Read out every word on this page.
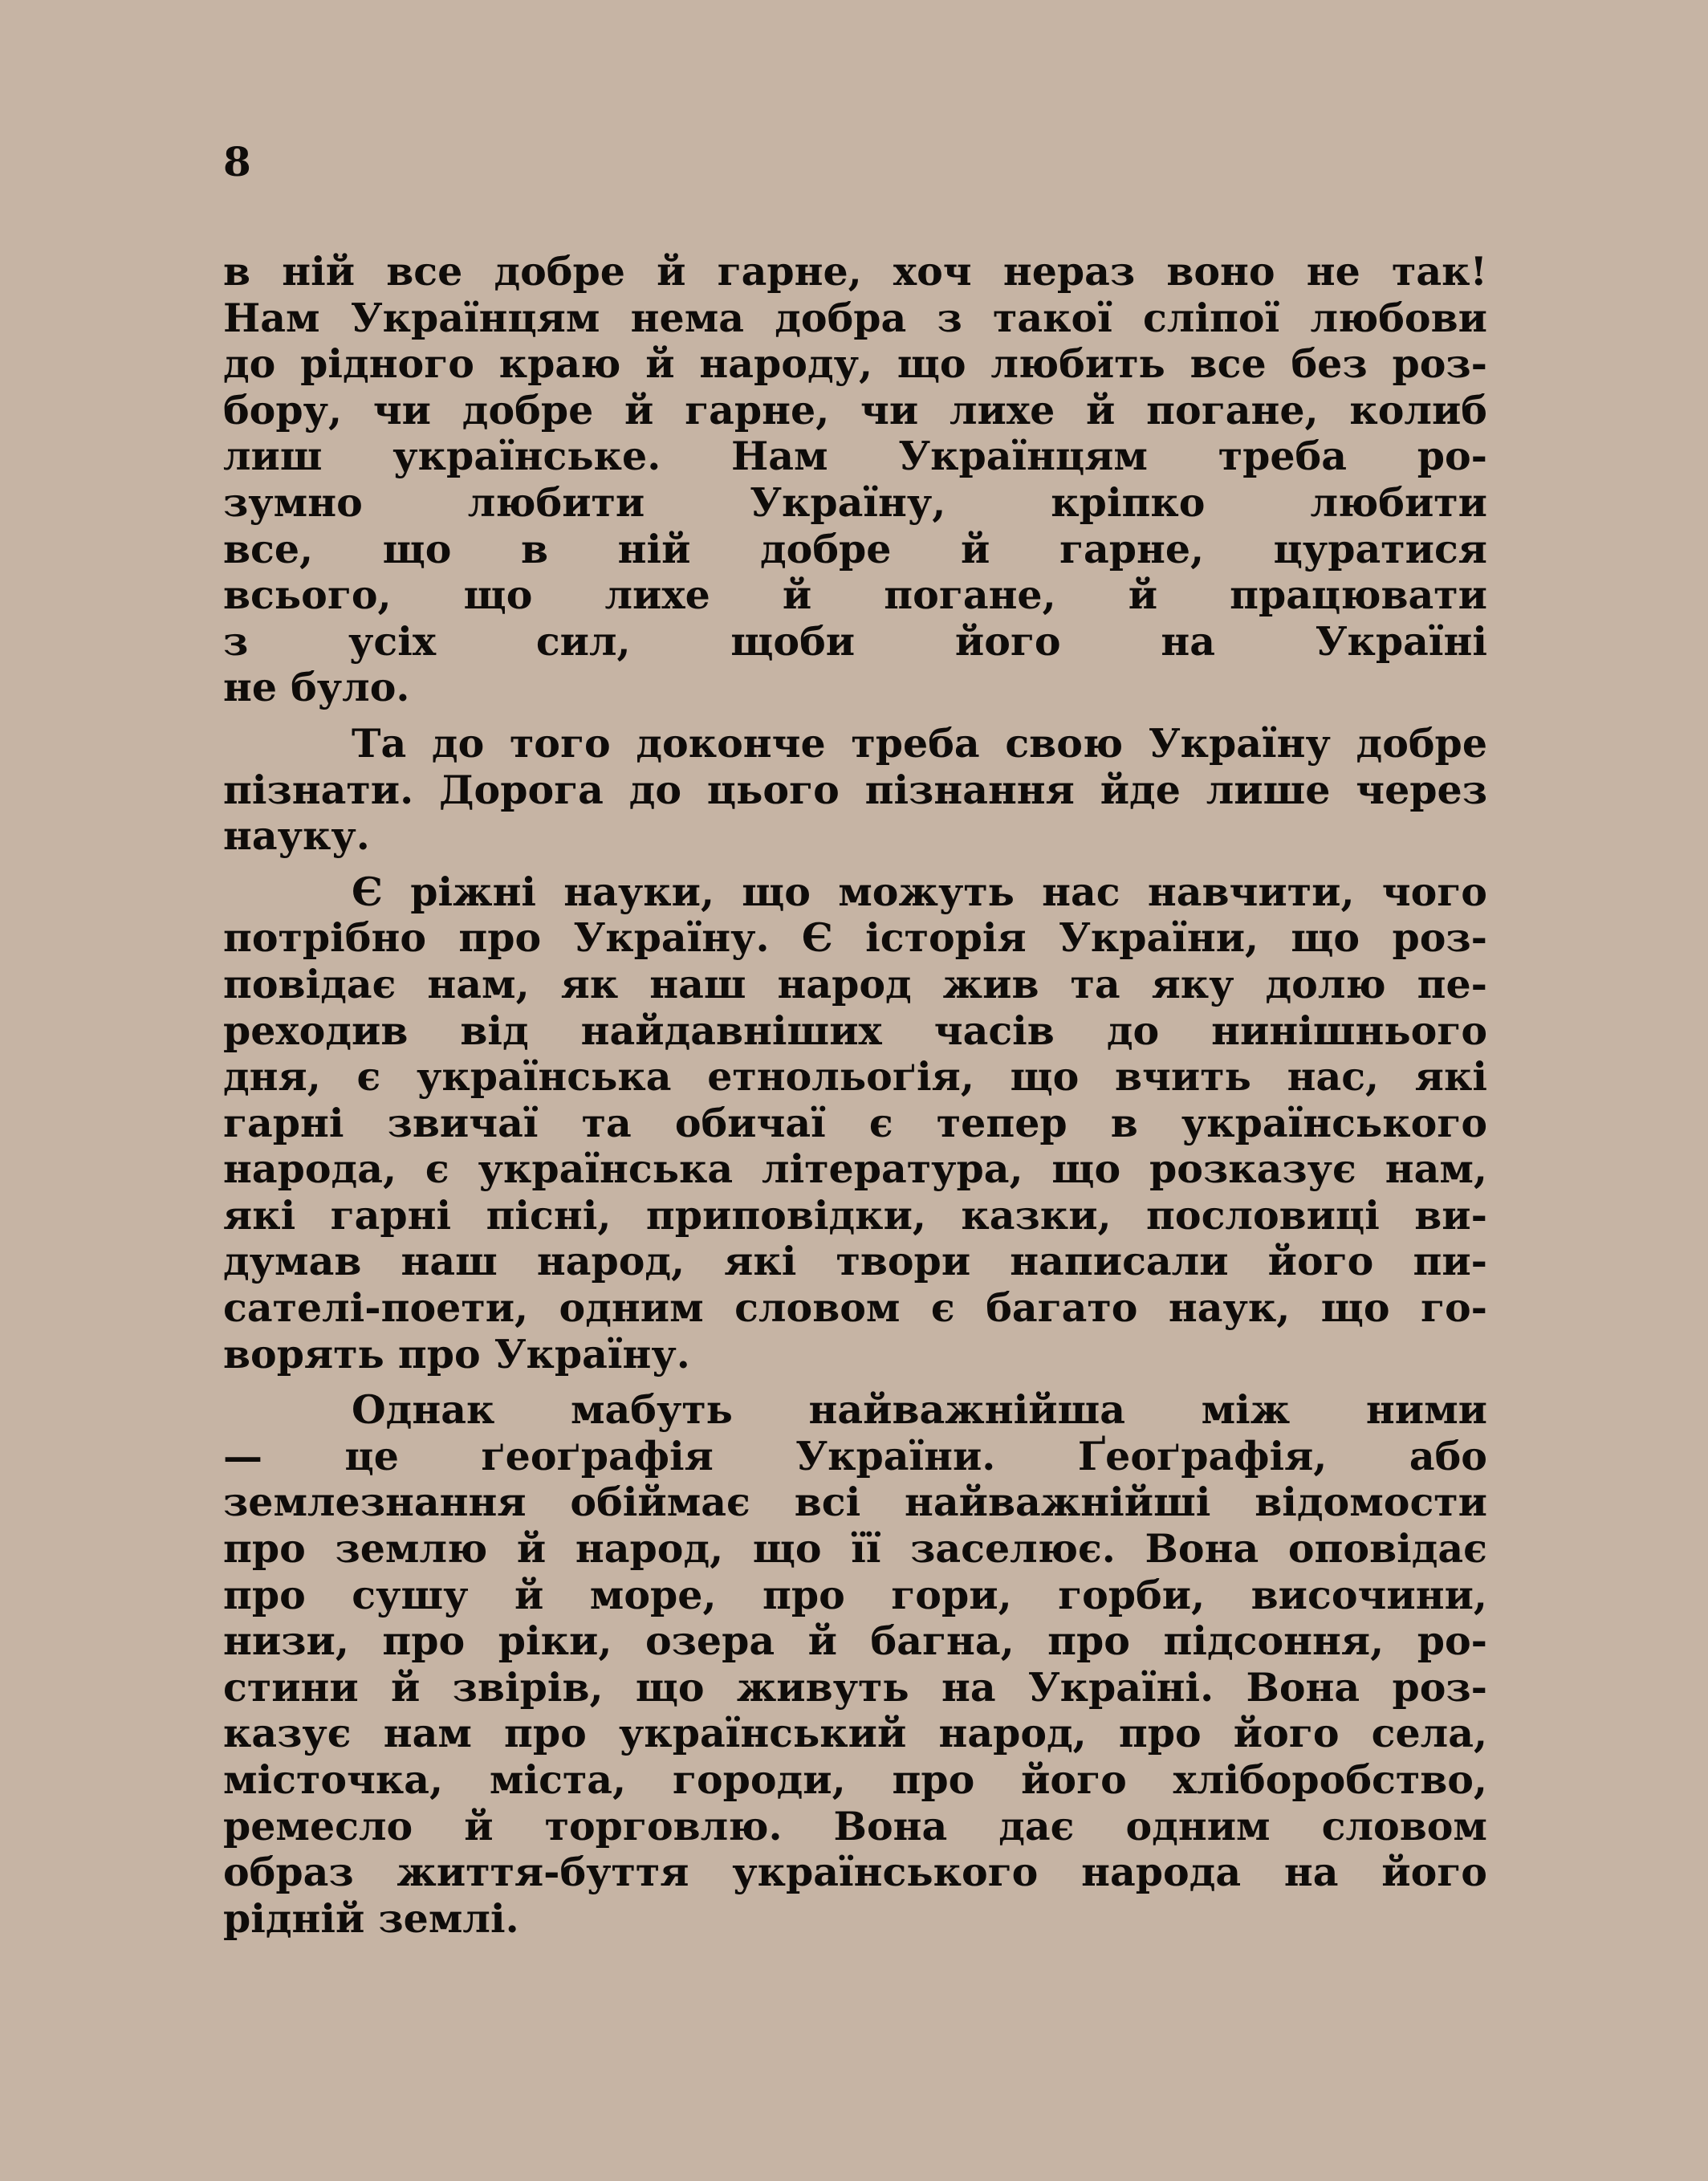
8
в ній все добре й гарне, хоч нераз воно не так!
Нам Українцям нема добра з такої сліпої любови
до рідного краю й народу, що любить все без роз-
бору, чи добре й гарне, чи лихе й погане, колиб
лиш українське. Нам Українцям треба ро-
зумно любити Україну, кріпко любити
все, що в ній добре й гарне, цуратися
всього, що лихе й погане, й працювати
з усіх сил, щоби його на Україні
не було.
Та до того доконче треба свою Україну добре
пізнати. Дорога до цього пізнання йде лише через
науку.
Є ріжні науки, що можуть нас навчити, чого
потрібно про Україну. Є історія України, що роз-
повідає нам, як наш народ жив та яку долю пе-
реходив від найдавніших часів до нинішнього
дня, є українська етнольоґія, що вчить нас, які
гарні звичаї та обичаї є тепер в українського
народа, є українська література, що розказує нам,
які гарні пісні, приповідки, казки, пословиці ви-
думав наш народ, які твори написали його пи-
сателі-поети, одним словом є багато наук, що го-
ворять про Україну.
Однак мабуть найважнійша між ними
— це ґеоґрафія України. Ґеоґрафія, або
землезнання обіймає всі найважнійші відомости
про землю й народ, що її заселює. Вона оповідає
про сушу й море, про гори, горби, височини,
низи, про ріки, озера й багна, про підсоння, ро-
стини й звірів, що живуть на Україні. Вона роз-
казує нам про український народ, про його села,
місточка, міста, городи, про його хліборобство,
ремесло й торговлю. Вона дає одним словом
образ життя-буття українського народа на його
рідній землі.
